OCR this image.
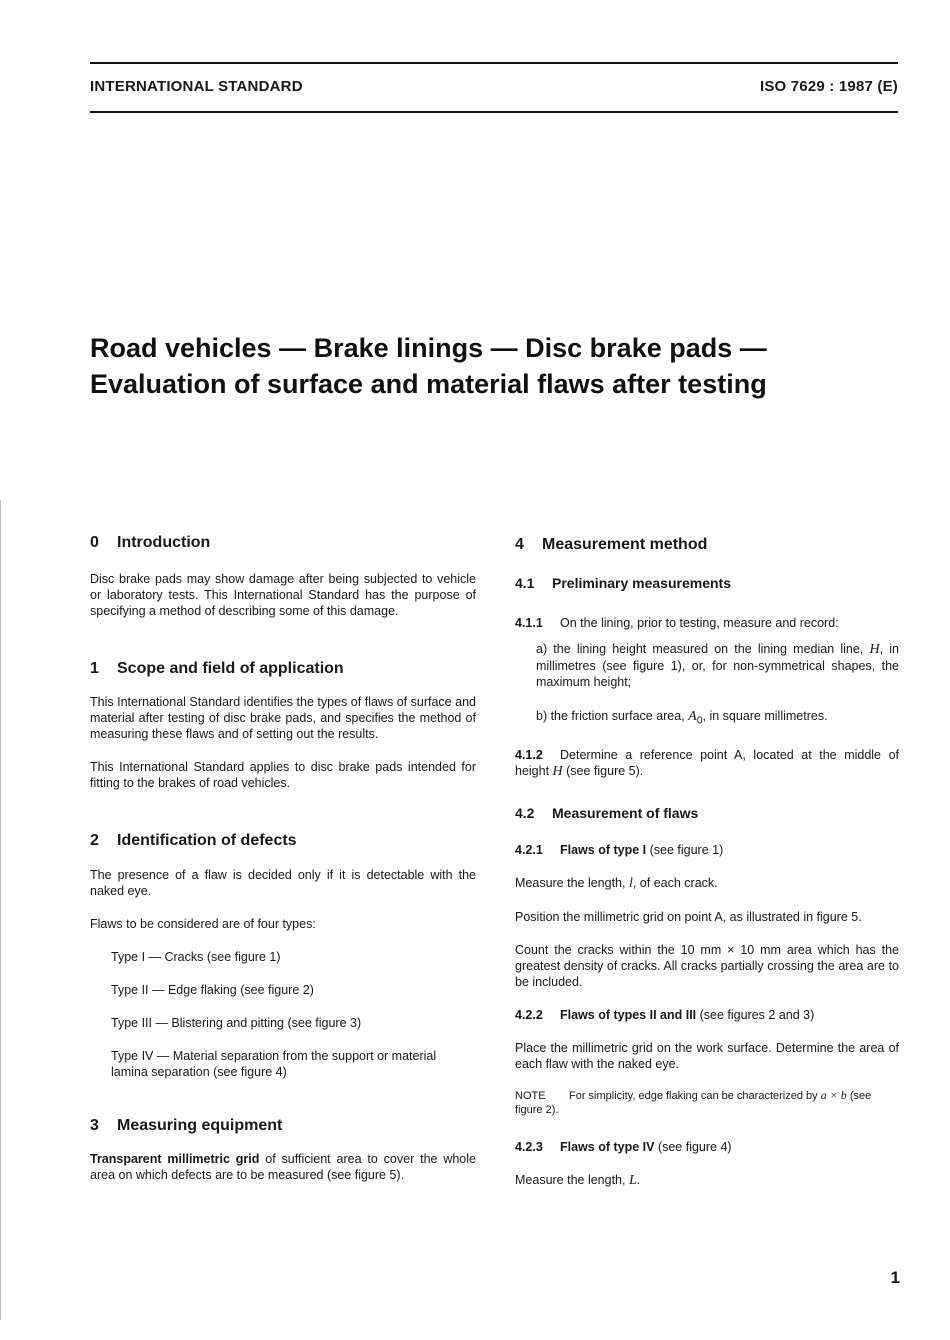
INTERNATIONAL STANDARD	ISO 7629 : 1987 (E)
Road vehicles — Brake linings — Disc brake pads —
Evaluation of surface and material flaws after testing
0 Introduction

Disc brake pads may show damage after being subjected to vehicle or laboratory tests. This International Standard has the purpose of specifying a method of describing some of this damage.

1 Scope and field of application

This International Standard identifies the types of flaws of surface and material after testing of disc brake pads, and specifies the method of measuring these flaws and of setting out the results.

This International Standard applies to disc brake pads intended for fitting to the brakes of road vehicles.

2 Identification of defects

The presence of a flaw is decided only if it is detectable with the naked eye.

Flaws to be considered are of four types:

Type I — Cracks (see figure 1)

Type II — Edge flaking (see figure 2)

Type III — Blistering and pitting (see figure 3)

Type IV — Material separation from the support or material lamina separation (see figure 4)

3 Measuring equipment

Transparent millimetric grid of sufficient area to cover the whole area on which defects are to be measured (see figure 5).

4 Measurement method
4.1 Preliminary measurements

4.1.1 On the lining, prior to testing, measure and record:

a) the lining height measured on the lining median line, H, in millimetres (see figure 1), or, for non-symmetrical shapes, the maximum height;

b) the friction surface area, $A_0$, in square millimetres.

4.1.2 Determine a reference point A, located at the middle of height H (see figure 5).

4.2 Measurement of flaws

4.2.1 Flaws of type I (see figure 1)

Measure the length, l, of each crack.

Position the millimetric grid on point A, as illustrated in figure 5.

Count the cracks within the 10 mm × 10 mm area which has the greatest density of cracks. All cracks partially crossing the area are to be included.

4.2.2 Flaws of types II and III (see figures 2 and 3)

Place the millimetric grid on the work surface. Determine the area of each flaw with the naked eye.

NOTE For simplicity, edge flaking can be characterized by a × b (see figure 2).

4.2.3 Flaws of type IV (see figure 4)

Measure the length, L.

1
